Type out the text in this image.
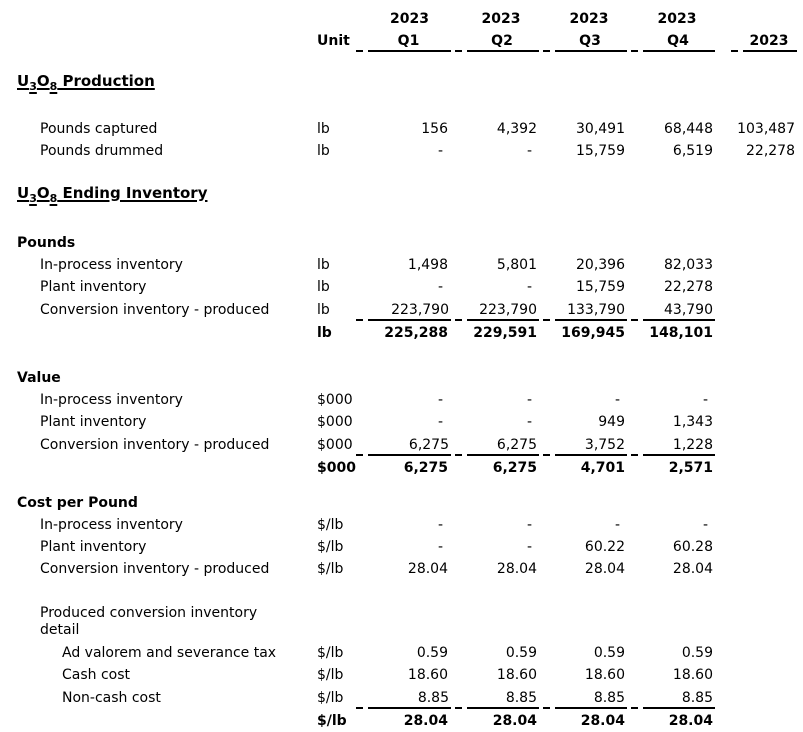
		2023	2023	2023	2023	
	Unit	Q1	Q2	Q3	Q4	2023

$U_3O_8$ Production						

Pounds captured	lb	156	4,392	30,491	68,448	103,487
Pounds drummed	lb	-	-	15,759	6,519	22,278

$U_3O_8$ Ending Inventory						

Pounds						
In-process inventory	lb	1,498	5,801	20,396	82,033	
Plant inventory	lb	-	-	15,759	22,278	
Conversion inventory - produced	lb	223,790	223,790	133,790	43,790	
	lb	225,288	229,591	169,945	148,101	

Value						
In-process inventory	$000	-	-	-	-	
Plant inventory	$000	-	-	949	1,343	
Conversion inventory - produced	$000	6,275	6,275	3,752	1,228	
	$000	6,275	6,275	4,701	2,571	

Cost per Pound						
In-process inventory	$/lb	-	-	-	-	
Plant inventory	$/lb	-	-	60.22	60.28	
Conversion inventory - produced	$/lb	28.04	28.04	28.04	28.04	

Produced conversion inventory
detail						

Ad valorem and severance tax	$/lb	0.59	0.59	0.59	0.59	
Cash cost	$/lb	18.60	18.60	18.60	18.60	
Non-cash cost	$/lb	8.85	8.85	8.85	8.85	
	$/lb	28.04	28.04	28.04	28.04	
